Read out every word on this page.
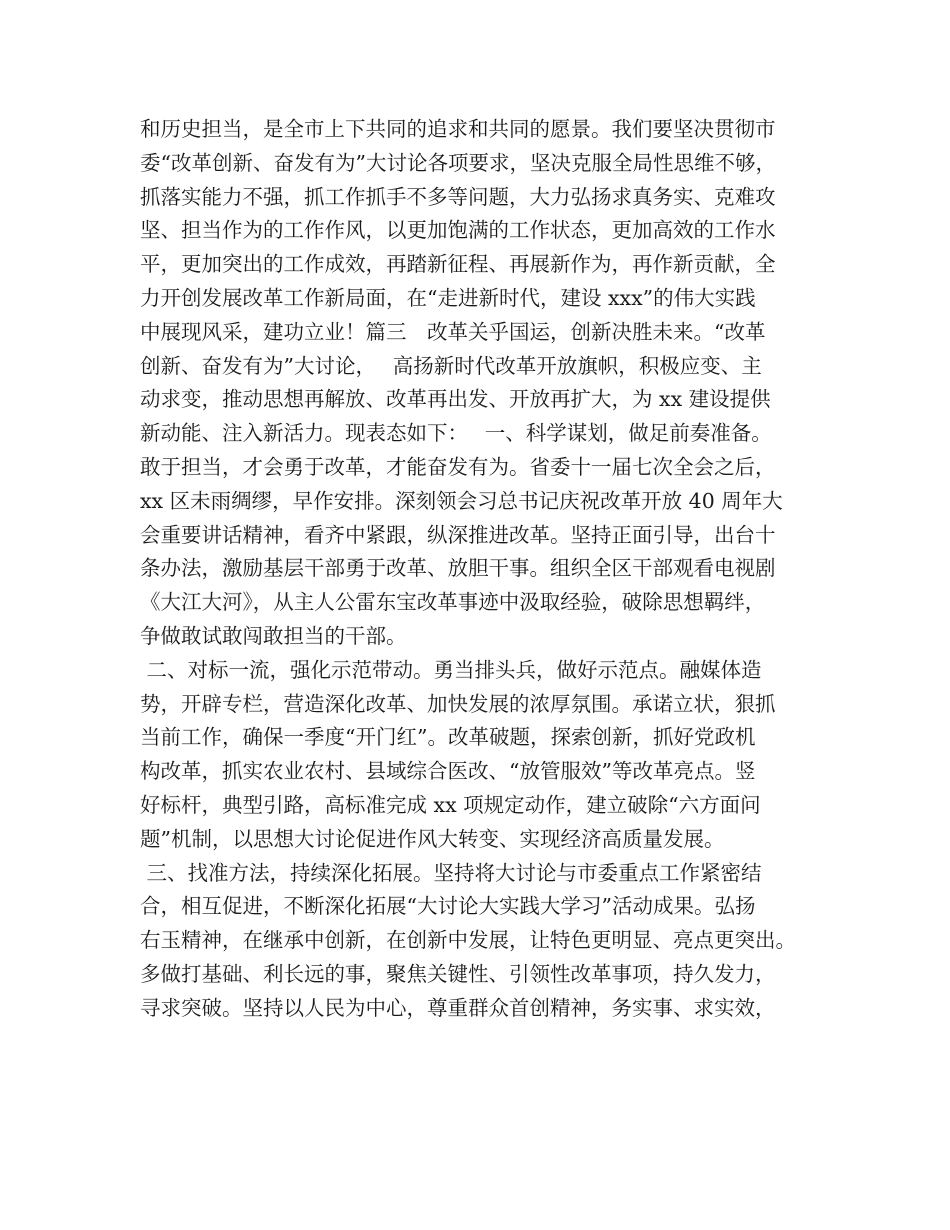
和历史担当，是全市上下共同的追求和共同的愿景。我们要坚决贯彻市
委“改革创新、奋发有为”大讨论各项要求，坚决克服全局性思维不够，
抓落实能力不强，抓工作抓手不多等问题，大力弘扬求真务实、克难攻
坚、担当作为的工作作风，以更加饱满的工作状态，更加高效的工作水
平，更加突出的工作成效，再踏新征程、再展新作为，再作新贡献，全
力开创发展改革工作新局面，在“走进新时代，建设 xxx”的伟大实践
中展现风采，建功立业！篇三　改革关乎国运，创新决胜未来。“改革
创新、奋发有为”大讨论，　 高扬新时代改革开放旗帜，积极应变、主
动求变，推动思想再解放、改革再出发、开放再扩大，为 xx 建设提供
新动能、注入新活力。现表态如下：　 一、科学谋划，做足前奏准备。
敢于担当，才会勇于改革，才能奋发有为。省委十一届七次全会之后，
xx 区未雨绸缪，早作安排。深刻领会习总书记庆祝改革开放 40 周年大
会重要讲话精神，看齐中紧跟，纵深推进改革。坚持正面引导，出台十
条办法，激励基层干部勇于改革、放胆干事。组织全区干部观看电视剧
《大江大河》，从主人公雷东宝改革事迹中汲取经验，破除思想羁绊，
争做敢试敢闯敢担当的干部。
二、对标一流，强化示范带动。勇当排头兵，做好示范点。融媒体造
势，开辟专栏，营造深化改革、加快发展的浓厚氛围。承诺立状，狠抓
当前工作，确保一季度“开门红”。改革破题，探索创新，抓好党政机
构改革，抓实农业农村、县域综合医改、“放管服效”等改革亮点。竖
好标杆，典型引路，高标准完成 xx 项规定动作，建立破除“六方面问
题”机制，以思想大讨论促进作风大转变、实现经济高质量发展。
三、找准方法，持续深化拓展。坚持将大讨论与市委重点工作紧密结
合，相互促进，不断深化拓展“大讨论大实践大学习”活动成果。弘扬
右玉精神，在继承中创新，在创新中发展，让特色更明显、亮点更突出。
多做打基础、利长远的事，聚焦关键性、引领性改革事项，持久发力，
寻求突破。坚持以人民为中心，尊重群众首创精神，务实事、求实效，
